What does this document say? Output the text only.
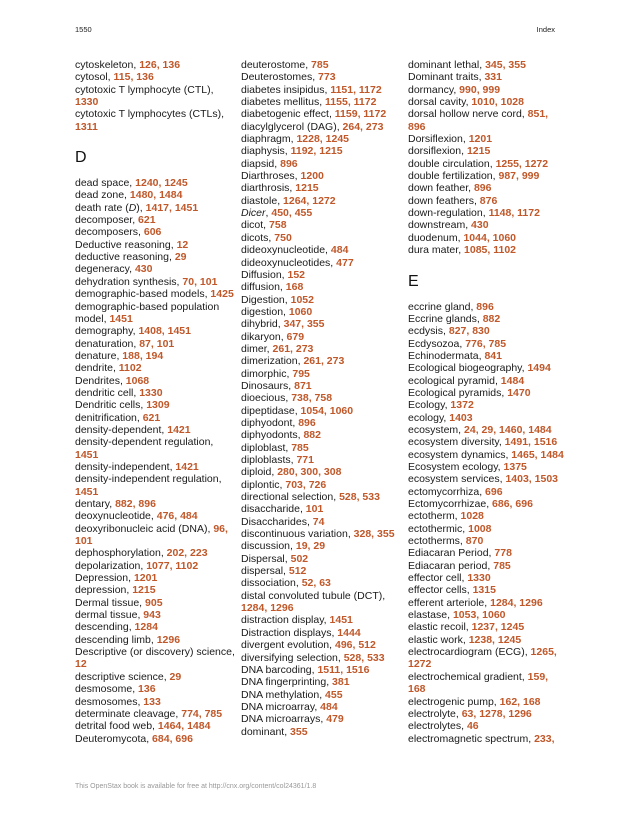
1550	Index
cytoskeleton, 126, 136
cytosol, 115, 136
cytotoxic T lymphocyte (CTL), 1330
cytotoxic T lymphocytes (CTLs), 1311
D
dead space, 1240, 1245
dead zone, 1480, 1484
death rate (D), 1417, 1451
decomposer, 621
decomposers, 606
Deductive reasoning, 12
deductive reasoning, 29
degeneracy, 430
dehydration synthesis, 70, 101
demographic-based models, 1425
demographic-based population model, 1451
demography, 1408, 1451
denaturation, 87, 101
denature, 188, 194
dendrite, 1102
Dendrites, 1068
dendritic cell, 1330
Dendritic cells, 1309
denitrification, 621
density-dependent, 1421
density-dependent regulation, 1451
density-independent, 1421
density-independent regulation, 1451
dentary, 882, 896
deoxynucleotide, 476, 484
deoxyribonucleic acid (DNA), 96, 101
dephosphorylation, 202, 223
depolarization, 1077, 1102
Depression, 1201
depression, 1215
Dermal tissue, 905
dermal tissue, 943
descending, 1284
descending limb, 1296
Descriptive (or discovery) science, 12
descriptive science, 29
desmosome, 136
desmosomes, 133
determinate cleavage, 774, 785
detrital food web, 1464, 1484
Deuteromycota, 684, 696
deuterostome, 785
Deuterostomes, 773
diabetes insipidus, 1151, 1172
diabetes mellitus, 1155, 1172
diabetogenic effect, 1159, 1172
diacylglycerol (DAG), 264, 273
diaphragm, 1228, 1245
diaphysis, 1192, 1215
diapsid, 896
Diarthroses, 1200
diarthrosis, 1215
diastole, 1264, 1272
Dicer, 450, 455
dicot, 758
dicots, 750
dideoxynucleotide, 484
dideoxynucleotides, 477
Diffusion, 152
diffusion, 168
Digestion, 1052
digestion, 1060
dihybrid, 347, 355
dikaryon, 679
dimer, 261, 273
dimerization, 261, 273
dimorphic, 795
Dinosaurs, 871
dioecious, 738, 758
dipeptidase, 1054, 1060
diphyodont, 896
diphyodonts, 882
diploblast, 785
diploblasts, 771
diploid, 280, 300, 308
diplontic, 703, 726
directional selection, 528, 533
disaccharide, 101
Disaccharides, 74
discontinuous variation, 328, 355
discussion, 19, 29
Dispersal, 502
dispersal, 512
dissociation, 52, 63
distal convoluted tubule (DCT), 1284, 1296
distraction display, 1451
Distraction displays, 1444
divergent evolution, 496, 512
diversifying selection, 528, 533
DNA barcoding, 1511, 1516
DNA fingerprinting, 381
DNA methylation, 455
DNA microarray, 484
DNA microarrays, 479
dominant, 355
dominant lethal, 345, 355
Dominant traits, 331
dormancy, 990, 999
dorsal cavity, 1010, 1028
dorsal hollow nerve cord, 851, 896
Dorsiflexion, 1201
dorsiflexion, 1215
double circulation, 1255, 1272
double fertilization, 987, 999
down feather, 896
down feathers, 876
down-regulation, 1148, 1172
downstream, 430
duodenum, 1044, 1060
dura mater, 1085, 1102
E
eccrine gland, 896
Eccrine glands, 882
ecdysis, 827, 830
Ecdysozoa, 776, 785
Echinodermata, 841
Ecological biogeography, 1494
ecological pyramid, 1484
Ecological pyramids, 1470
Ecology, 1372
ecology, 1403
ecosystem, 24, 29, 1460, 1484
ecosystem diversity, 1491, 1516
ecosystem dynamics, 1465, 1484
Ecosystem ecology, 1375
ecosystem services, 1403, 1503
ectomycorrhiza, 696
Ectomycorrhizae, 686, 696
ectotherm, 1028
ectothermic, 1008
ectotherms, 870
Ediacaran Period, 778
Ediacaran period, 785
effector cell, 1330
effector cells, 1315
efferent arteriole, 1284, 1296
elastase, 1053, 1060
elastic recoil, 1237, 1245
elastic work, 1238, 1245
electrocardiogram (ECG), 1265, 1272
electrochemical gradient, 159, 168
electrogenic pump, 162, 168
electrolyte, 63, 1278, 1296
electrolytes, 46
electromagnetic spectrum, 233,
This OpenStax book is available for free at http://cnx.org/content/col24361/1.8
